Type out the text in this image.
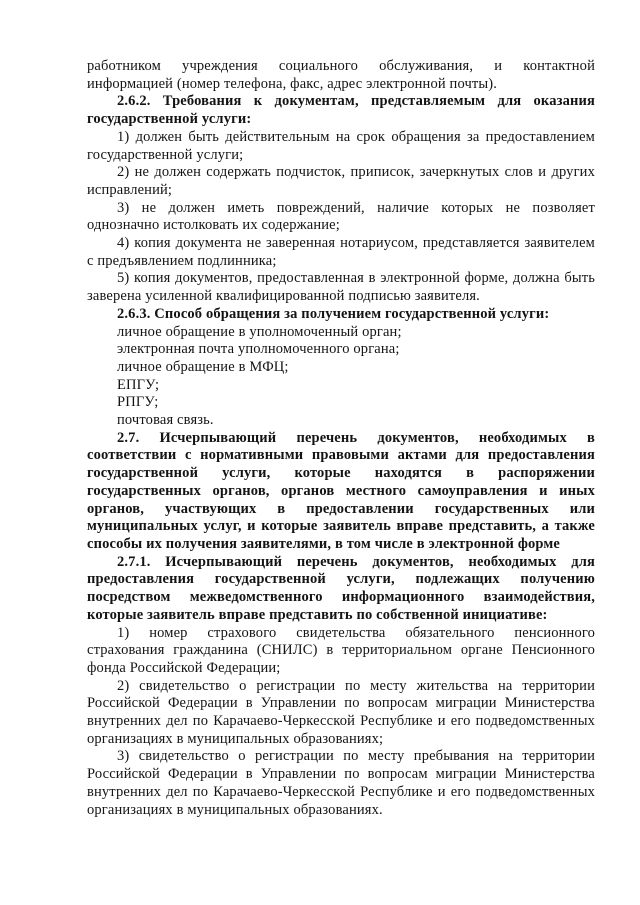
работником учреждения социального обслуживания, и контактной информацией (номер телефона, факс, адрес электронной почты).

2.6.2. Требования к документам, представляемым для оказания государственной услуги:

1) должен быть действительным на срок обращения за предоставлением государственной услуги;

2) не должен содержать подчисток, приписок, зачеркнутых слов и других исправлений;

3) не должен иметь повреждений, наличие которых не позволяет однозначно истолковать их содержание;

4) копия документа не заверенная нотариусом, представляется заявителем с предъявлением подлинника;

5) копия документов, предоставленная в электронной форме, должна быть заверена усиленной квалифицированной подписью заявителя.

2.6.3. Способ обращения за получением государственной услуги:

личное обращение в уполномоченный орган;

электронная почта уполномоченного органа;

личное обращение в МФЦ;

ЕПГУ;

РПГУ;

почтовая связь.

2.7. Исчерпывающий перечень документов, необходимых в соответствии с нормативными правовыми актами для предоставления государственной услуги, которые находятся в распоряжении государственных органов, органов местного самоуправления и иных органов, участвующих в предоставлении государственных или муниципальных услуг, и которые заявитель вправе представить, а также способы их получения заявителями, в том числе в электронной форме

2.7.1. Исчерпывающий перечень документов, необходимых для предоставления государственной услуги, подлежащих получению посредством межведомственного информационного взаимодействия, которые заявитель вправе представить по собственной инициативе:

1) номер страхового свидетельства обязательного пенсионного страхования гражданина (СНИЛС) в территориальном органе Пенсионного фонда Российской Федерации;

2) свидетельство о регистрации по месту жительства на территории Российской Федерации в Управлении по вопросам миграции Министерства внутренних дел по Карачаево-Черкесской Республике и его подведомственных организациях в муниципальных образованиях;

3) свидетельство о регистрации по месту пребывания на территории Российской Федерации в Управлении по вопросам миграции Министерства внутренних дел по Карачаево-Черкесской Республике и его подведомственных организациях в муниципальных образованиях.
